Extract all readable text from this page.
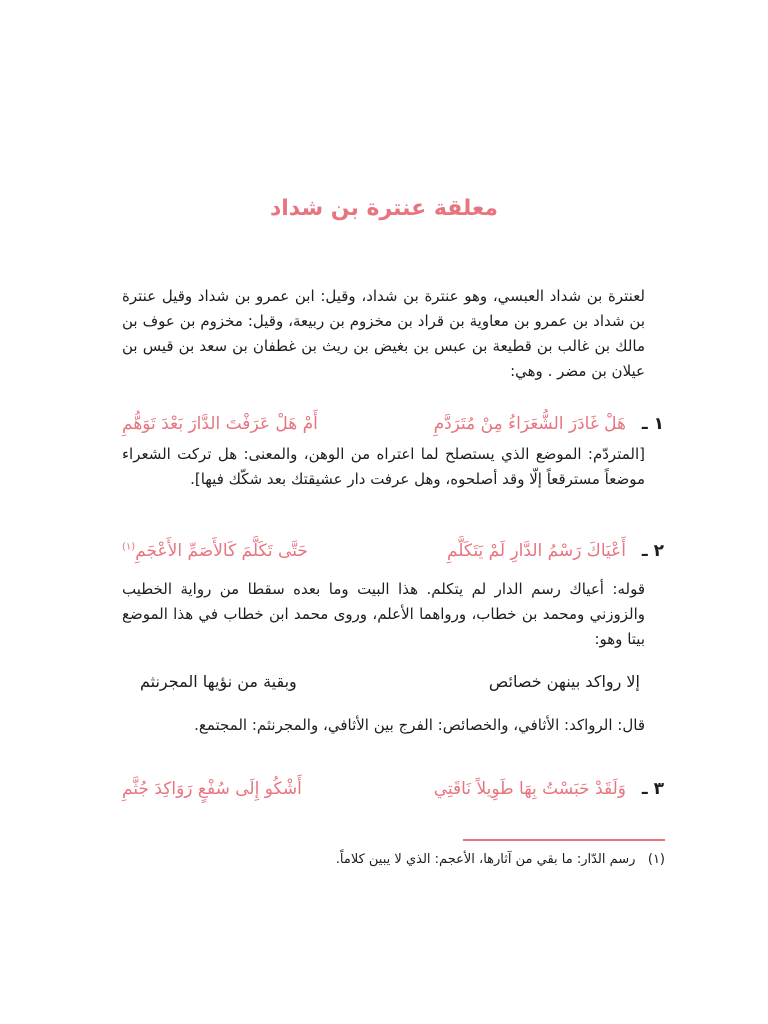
معلقة عنترة بن شداد

لعنترة بن شداد العبسي، وهو عنترة بن شداد، وقيل: ابن عمرو بن شداد وقيل عنترة بن شداد بن عمرو بن معاوية بن قراد بن مخزوم بن ربيعة، وقيل: مخزوم بن عوف بن مالك بن غالب بن قطيعة بن عبس بن بغيض بن ريث بن غطفان بن سعد بن قيس بن عيلان بن مضر . وهي:

١ ـ
هَلْ غَادَرَ الشُّعَرَاءُ مِنْ مُتَرَدَّمِ
أَمْ هَلْ عَرَفْتَ الدَّارَ بَعْدَ تَوَهُّمِ

[المتردّم: الموضع الذي يستصلح لما اعتراه من الوهن، والمعنى: هل تركت الشعراء موضعاً مسترقعاً إلّا وقد أصلحوه، وهل عرفت دار عشيقتك بعد شكّك فيها].

٢ ـ
أَعْيَاكَ رَسْمُ الدَّارِ لَمْ يَتَكَلَّمِ
حَتَّى تَكَلَّمَ كَالأَصَمِّ الأَعْجَمِ$^{(١)}$

قوله: أعياك رسم الدار لم يتكلم. هذا البيت وما بعده سقطا من رواية الخطيب والزوزني ومحمد بن خطاب، ورواهما الأعلم، وروى محمد ابن خطاب في هذا الموضع بيتا وهو:

إلا رواكد بينهن خصائص
وبقية من نؤيها المجرنثم

قال: الرواكد: الأثافي، والخصائص: الفرج بين الأثافي، والمجرنثم: المجتمع.

٣ ـ
وَلَقَدْ حَبَسْتُ بِهَا طَوِيلاً نَاقَتِي
أَشْكُو إِلَى سُفْعٍ رَوَاكِدَ جُثَّمِ

(١)   رسم الدّار: ما بقي من آثارها، الأعجم: الذي لا يبين كلاماً.
